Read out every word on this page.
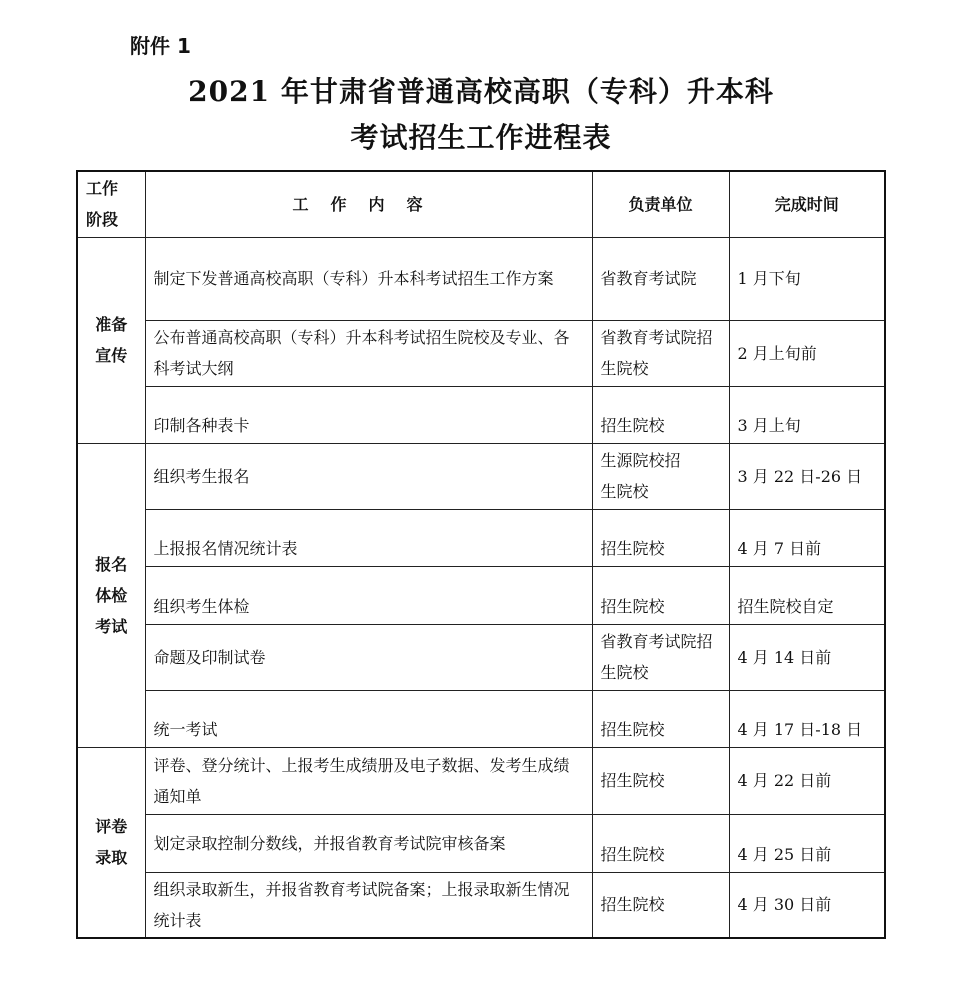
附件 1
2021 年甘肃省普通高校高职（专科）升本科
考试招生工作进程表
工作阶段	工作内容	负责单位	完成时间
准备宣传	制定下发普通高校高职（专科）升本科考试招生工作方案	省教育考试院	1 月下旬
	公布普通高校高职（专科）升本科考试招生院校及专业、各科考试大纲	省教育考试院招生院校	2 月上旬前
	印制各种表卡	招生院校	3 月上旬
报名体检考试	组织考生报名	生源院校招生院校	3 月 22 日-26 日
	上报报名情况统计表	招生院校	4 月 7 日前
	组织考生体检	招生院校	招生院校自定
	命题及印制试卷	省教育考试院招生院校	4 月 14 日前
	统一考试	招生院校	4 月 17 日-18 日
评卷录取	评卷、登分统计、上报考生成绩册及电子数据、发考生成绩通知单	招生院校	4 月 22 日前
	划定录取控制分数线，并报省教育考试院审核备案	招生院校	4 月 25 日前
	组织录取新生，并报省教育考试院备案；上报录取新生情况统计表	招生院校	4 月 30 日前
